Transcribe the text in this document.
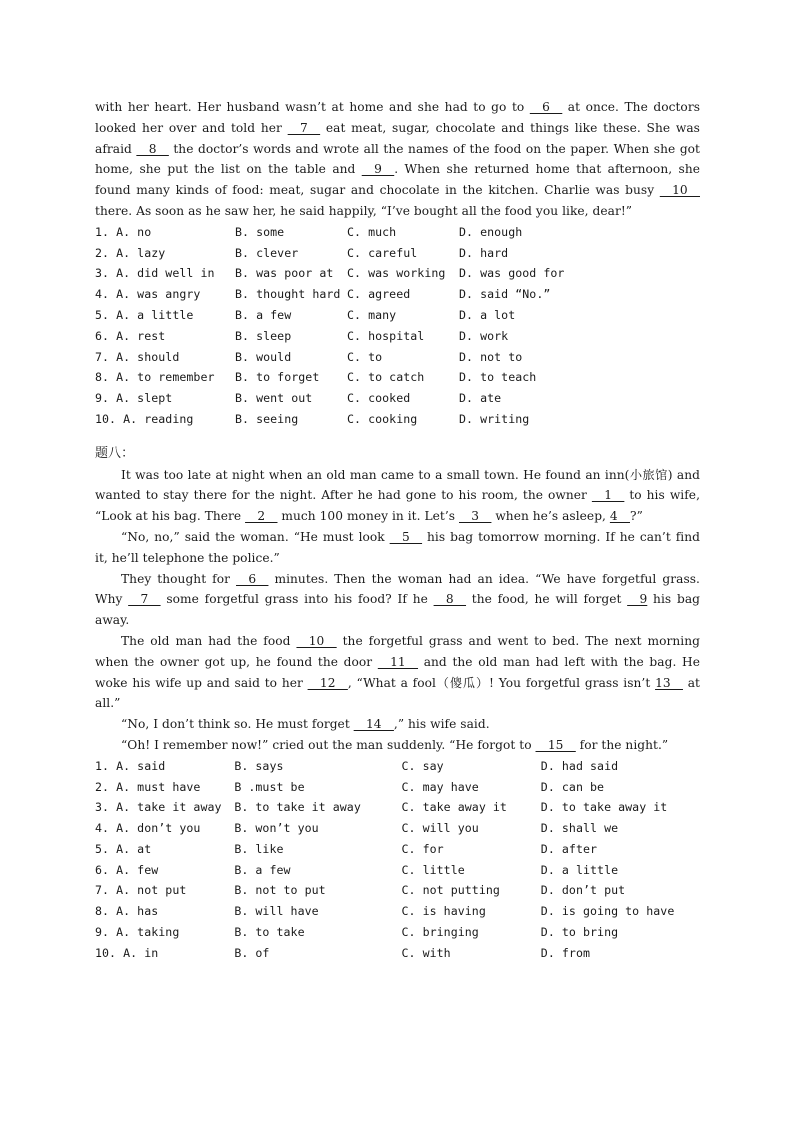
with her heart. Her husband wasn’t at home and she had to go to __6__ at once. The doctors looked her over and told her __7__ eat meat, sugar, chocolate and things like these. She was afraid __8__ the doctor’s words and wrote all the names of the food on the paper. When she got home, she put the list on the table and __9__. When she returned home that afternoon, she found many kinds of food: meat, sugar and chocolate in the kitchen. Charlie was busy __10__ there. As soon as he saw her, he said happily, “I’ve bought all the food you like, dear!”

1. A. no	B. some	C. much	D. enough
2. A. lazy	B. clever	C. careful	D. hard
3. A. did well in	B. was poor at	C. was working	D. was good for
4. A. was angry	B. thought hard C. agreed	D. said “No.”
5. A. a little	B. a few	C. many	D. a lot
6. A. rest	B. sleep	C. hospital	D. work
7. A. should	B. would	C. to	D. not to
8. A. to remember	B. to forget	C. to catch	D. to teach
9. A. slept	B. went out	C. cooked	D. ate
10. A. reading	B. seeing	C. cooking	D. writing
题八：

It was too late at night when an old man came to a small town. He found an inn(小旅馆) and wanted to stay there for the night. After he had gone to his room, the owner __1__ to his wife, “Look at his bag. There __2__ much 100 money in it. Let’s __3__ when he’s asleep, 4__?”

“No, no,” said the woman. “He must look __5__ his bag tomorrow morning. If he can’t find it, he’ll telephone the police.”

They thought for __6__ minutes. Then the woman had an idea. “We have forgetful grass. Why __7__ some forgetful grass into his food? If he __8__ the food, he will forget __9 his bag away.

The old man had the food __10__ the forgetful grass and went to bed. The next morning when the owner got up, he found the door __11__ and the old man had left with the bag. He woke his wife up and said to her __12__, “What a fool（傻瓜）! You forgetful grass isn’t 13__ at all.”

“No, I don’t think so. He must forget __14__,” his wife said.

“Oh! I remember now!” cried out the man suddenly. “He forgot to __15__ for the night.”

1. A. said	B. says	C. say	D. had said
2. A. must have	B .must be	C. may have	D. can be
3. A. take it away	B. to take it away	C. take away it	D. to take away it
4. A. don’t you	B. won’t you	C. will you	D. shall we
5. A. at	B. like	C. for	D. after
6. A. few	B. a few	C. little	D. a little
7. A. not put	B. not to put	C. not putting	D. don’t put
8. A. has	B. will have	C. is having	D. is going to have
9. A. taking	B. to take	C. bringing	D. to bring
10. A. in	B. of	C. with	D. from
